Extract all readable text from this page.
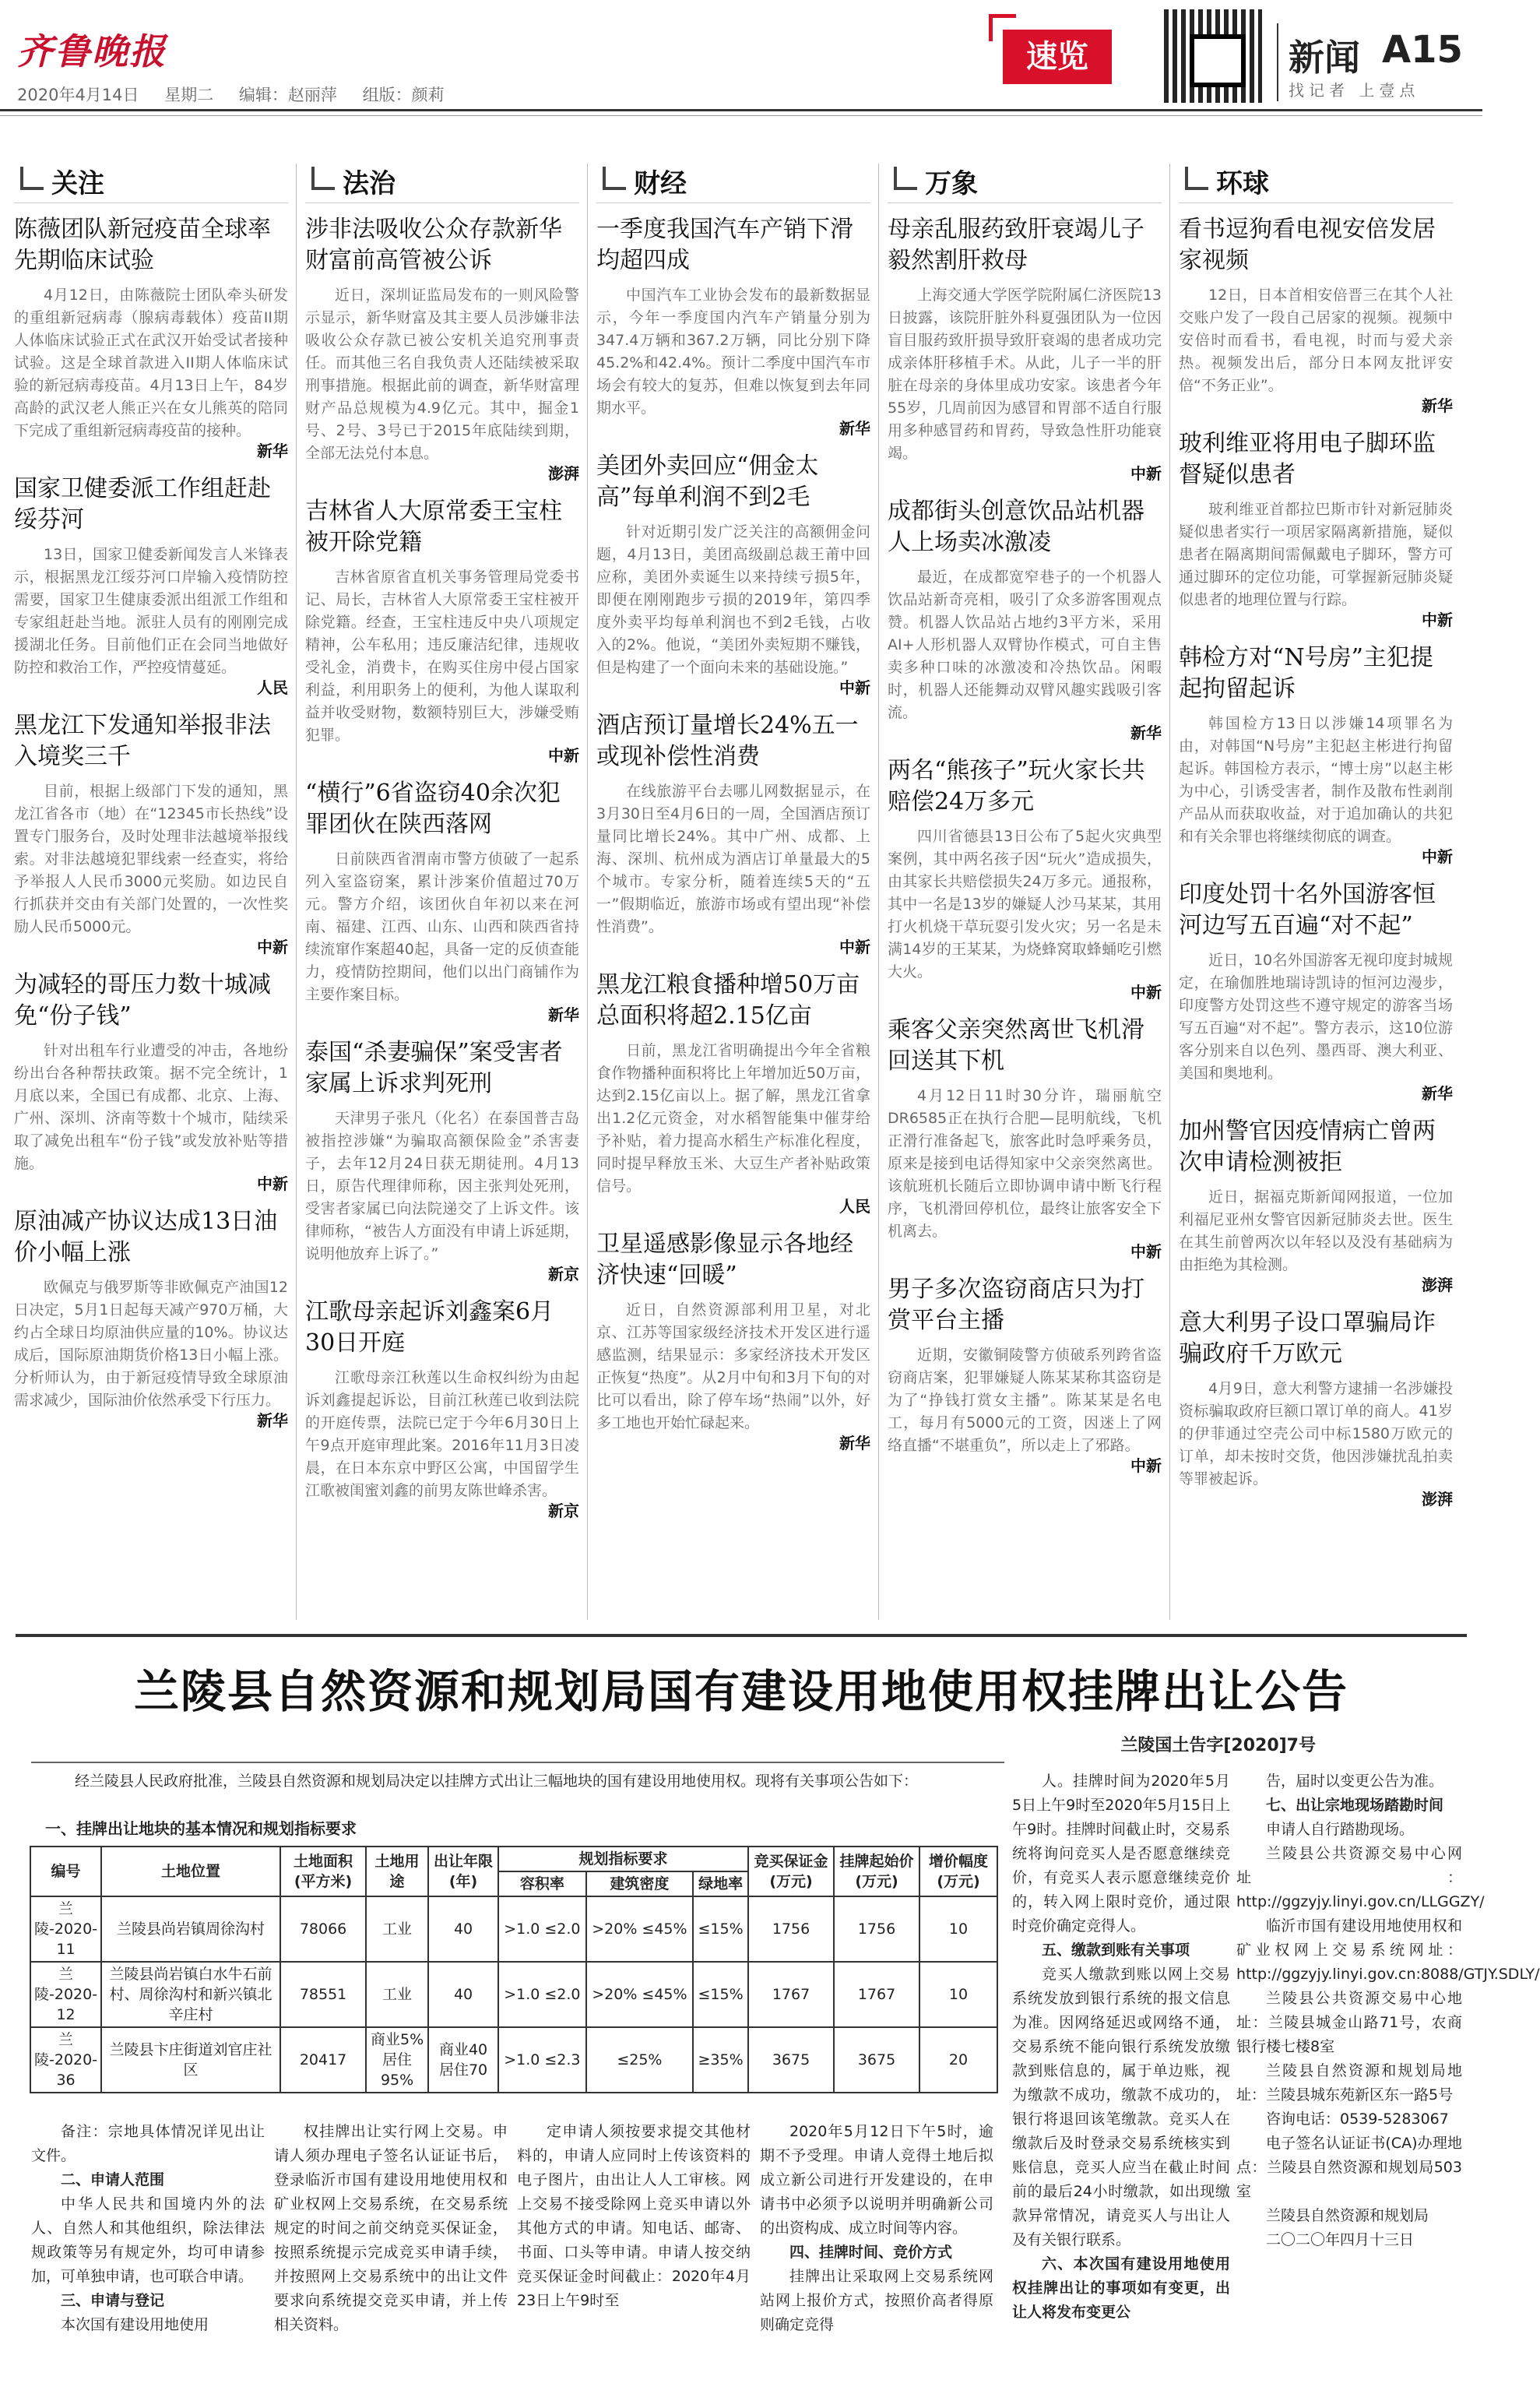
齐鲁晚报
2020年4月14日 星期二 编辑：赵丽萍 组版：颜莉
速览	新闻 A15
找记者 上壹点
关注
陈薇团队新冠疫苗全球率先期临床试验

4月12日，由陈薇院士团队牵头研发的重组新冠病毒（腺病毒载体）疫苗II期人体临床试验正式在武汉开始受试者接种试验。这是全球首款进入II期人体临床试验的新冠病毒疫苗。4月13日上午，84岁高龄的武汉老人熊正兴在女儿熊英的陪同下完成了重组新冠病毒疫苗的接种。

新华
国家卫健委派工作组赶赴绥芬河

13日，国家卫健委新闻发言人米锋表示，根据黑龙江绥芬河口岸输入疫情防控需要，国家卫生健康委派出组派工作组和专家组赶赴当地。派驻人员有的刚刚完成援湖北任务。目前他们正在会同当地做好防控和救治工作，严控疫情蔓延。

人民
黑龙江下发通知举报非法入境奖三千

目前，根据上级部门下发的通知，黑龙江省各市（地）在“12345市长热线”设置专门服务台，及时处理非法越境举报线索。对非法越境犯罪线索一经查实，将给予举报人人民币3000元奖励。如边民自行抓获并交由有关部门处置的，一次性奖励人民币5000元。

中新
为减轻的哥压力数十城减免“份子钱”

针对出租车行业遭受的冲击，各地纷纷出台各种帮扶政策。据不完全统计，1月底以来，全国已有成都、北京、上海、广州、深圳、济南等数十个城市，陆续采取了减免出租车“份子钱”或发放补贴等措施。

中新
原油减产协议达成13日油价小幅上涨

欧佩克与俄罗斯等非欧佩克产油国12日决定，5月1日起每天减产970万桶，大约占全球日均原油供应量的10%。协议达成后，国际原油期货价格13日小幅上涨。分析师认为，由于新冠疫情导致全球原油需求减少，国际油价依然承受下行压力。

新华
法治
涉非法吸收公众存款新华财富前高管被公诉

近日，深圳证监局发布的一则风险警示显示，新华财富及其主要人员涉嫌非法吸收公众存款已被公安机关追究刑事责任。而其他三名自我负责人还陆续被采取刑事措施。根据此前的调查，新华财富理财产品总规模为4.9亿元。其中，掘金1号、2号、3号已于2015年底陆续到期，全部无法兑付本息。

澎湃
吉林省人大原常委王宝柱被开除党籍

吉林省原省直机关事务管理局党委书记、局长，吉林省人大原常委王宝柱被开除党籍。经查，王宝柱违反中央八项规定精神，公车私用；违反廉洁纪律，违规收受礼金，消费卡，在购买住房中侵占国家利益，利用职务上的便利，为他人谋取利益并收受财物，数额特别巨大，涉嫌受贿犯罪。

中新
“横行”6省盗窃40余次犯罪团伙在陕西落网

日前陕西省渭南市警方侦破了一起系列入室盗窃案，累计涉案价值超过70万元。警方介绍，该团伙自年初以来在河南、福建、江西、山东、山西和陕西省持续流窜作案超40起，具备一定的反侦查能力，疫情防控期间，他们以出门商铺作为主要作案目标。

新华
泰国“杀妻骗保”案受害者家属上诉求判死刑

天津男子张凡（化名）在泰国普吉岛被指控涉嫌“为骗取高额保险金”杀害妻子，去年12月24日获无期徒刑。4月13日，原告代理律师称，因主张判处死刑，受害者家属已向法院递交了上诉文件。该律师称，“被告人方面没有申请上诉延期，说明他放弃上诉了。”

新京
江歌母亲起诉刘鑫案6月30日开庭

江歌母亲江秋莲以生命权纠纷为由起诉刘鑫提起诉讼，目前江秋莲已收到法院的开庭传票，法院已定于今年6月30日上午9点开庭审理此案。2016年11月3日凌晨，在日本东京中野区公寓，中国留学生江歌被闺蜜刘鑫的前男友陈世峰杀害。

新京
财经
一季度我国汽车产销下滑均超四成

中国汽车工业协会发布的最新数据显示，今年一季度国内汽车产销量分别为347.4万辆和367.2万辆，同比分别下降45.2%和42.4%。预计二季度中国汽车市场会有较大的复苏，但难以恢复到去年同期水平。

新华
美团外卖回应“佣金太高”每单利润不到2毛

针对近期引发广泛关注的高额佣金问题，4月13日，美团高级副总裁王莆中回应称，美团外卖诞生以来持续亏损5年，即便在刚刚跑步亏损的2019年，第四季度外卖平均每单利润也不到2毛钱，占收入的2%。他说，“美团外卖短期不赚钱，但是构建了一个面向未来的基础设施。”

中新
酒店预订量增长24%五一或现补偿性消费

在线旅游平台去哪儿网数据显示，在3月30日至4月6日的一周，全国酒店预订量同比增长24%。其中广州、成都、上海、深圳、杭州成为酒店订单量最大的5个城市。专家分析，随着连续5天的“五一”假期临近，旅游市场或有望出现“补偿性消费”。

中新
黑龙江粮食播种增50万亩总面积将超2.15亿亩

日前，黑龙江省明确提出今年全省粮食作物播种面积将比上年增加近50万亩，达到2.15亿亩以上。据了解，黑龙江省拿出1.2亿元资金，对水稻智能集中催芽给予补贴，着力提高水稻生产标准化程度，同时提早释放玉米、大豆生产者补贴政策信号。

人民
卫星遥感影像显示各地经济快速“回暖”

近日，自然资源部利用卫星，对北京、江苏等国家级经济技术开发区进行遥感监测，结果显示：多家经济技术开发区正恢复“热度”。从2月中旬和3月下旬的对比可以看出，除了停车场“热闹”以外，好多工地也开始忙碌起来。

新华
万象
母亲乱服药致肝衰竭儿子毅然割肝救母

上海交通大学医学院附属仁济医院13日披露，该院肝脏外科夏强团队为一位因盲目服药致肝损导致肝衰竭的患者成功完成亲体肝移植手术。从此，儿子一半的肝脏在母亲的身体里成功安家。该患者今年55岁，几周前因为感冒和胃部不适自行服用多种感冒药和胃药，导致急性肝功能衰竭。

中新
成都街头创意饮品站机器人上场卖冰激凌

最近，在成都宽窄巷子的一个机器人饮品站新奇亮相，吸引了众多游客围观点赞。机器人饮品站占地约3平方米，采用AI+人形机器人双臂协作模式，可自主售卖多种口味的冰激凌和冷热饮品。闲暇时，机器人还能舞动双臂风趣实践吸引客流。

新华
两名“熊孩子”玩火家长共赔偿24万多元

四川省德县13日公布了5起火灾典型案例，其中两名孩子因“玩火”造成损失，由其家长共赔偿损失24万多元。通报称，其中一名是13岁的嫌疑人沙马某某，其用打火机烧干草玩耍引发火灾；另一名是未满14岁的王某某，为烧蜂窝取蜂蛹吃引燃大火。

中新
乘客父亲突然离世飞机滑回送其下机

4月12日11时30分许，瑞丽航空DR6585正在执行合肥—昆明航线，飞机正滑行准备起飞，旅客此时急呼乘务员，原来是接到电话得知家中父亲突然离世。该航班机长随后立即协调申请中断飞行程序，飞机滑回停机位，最终让旅客安全下机离去。

中新
男子多次盗窃商店只为打赏平台主播

近期，安徽铜陵警方侦破系列跨省盗窃商店案，犯罪嫌疑人陈某某称其盗窃是为了“挣钱打赏女主播”。陈某某是名电工，每月有5000元的工资，因迷上了网络直播“不堪重负”，所以走上了邪路。

中新
环球
看书逗狗看电视安倍发居家视频

12日，日本首相安倍晋三在其个人社交账户发了一段自己居家的视频。视频中安倍时而看书，看电视，时而与爱犬亲热。视频发出后，部分日本网友批评安倍“不务正业”。

新华
玻利维亚将用电子脚环监督疑似患者

玻利维亚首都拉巴斯市针对新冠肺炎疑似患者实行一项居家隔离新措施，疑似患者在隔离期间需佩戴电子脚环，警方可通过脚环的定位功能，可掌握新冠肺炎疑似患者的地理位置与行踪。

中新
韩检方对“N号房”主犯提起拘留起诉

韩国检方13日以涉嫌14项罪名为由，对韩国“N号房”主犯赵主彬进行拘留起诉。韩国检方表示，“博士房”以赵主彬为中心，引诱受害者，制作及散布性剥削产品从而获取收益，对于追加确认的共犯和有关余罪也将继续彻底的调查。

中新
印度处罚十名外国游客恒河边写五百遍“对不起”

近日，10名外国游客无视印度封城规定，在瑜伽胜地瑞诗凯诗的恒河边漫步，印度警方处罚这些不遵守规定的游客当场写五百遍“对不起”。警方表示，这10位游客分别来自以色列、墨西哥、澳大利亚、美国和奥地利。

新华
加州警官因疫情病亡曾两次申请检测被拒

近日，据福克斯新闻网报道，一位加利福尼亚州女警官因新冠肺炎去世。医生在其生前曾两次以年轻以及没有基础病为由拒绝为其检测。

澎湃
意大利男子设口罩骗局诈骗政府千万欧元

4月9日，意大利警方逮捕一名涉嫌投资标骗取政府巨额口罩订单的商人。41岁的伊菲通过空壳公司中标1580万欧元的订单，却未按时交货，他因涉嫌扰乱拍卖等罪被起诉。

澎湃
兰陵县自然资源和规划局国有建设用地使用权挂牌出让公告
兰陵国土告字[2020]7号

经兰陵县人民政府批准，兰陵县自然资源和规划局决定以挂牌方式出让三幅地块的国有建设用地使用权。现将有关事项公告如下：

一、挂牌出让地块的基本情况和规划指标要求
编号	土地位置	土地面积(平方米)	土地用途	出让年限(年)	规划指标要求			竞买保证金(万元)	挂牌起始价(万元)	增价幅度(万元)
					容积率	建筑密度	绿地率			
兰陵-2020-11	兰陵县尚岩镇周徐沟村	78066	工业	40	>1.0 ≤2.0	>20% ≤45%	≤15%	1756	1756	10
兰陵-2020-12	兰陵县尚岩镇白水牛石前村、周徐沟村和新兴镇北辛庄村	78551	工业	40	>1.0 ≤2.0	>20% ≤45%	≤15%	1767	1767	10
兰陵-2020-36	兰陵县卞庄街道刘官庄社区	20417	商业5% 居住95%	商业40 居住70	>1.0 ≤2.3	≤25%	≥35%	3675	3675	20

备注：宗地具体情况详见出让文件。

二、申请人范围

中华人民共和国境内外的法人、自然人和其他组织，除法律法规政策等另有规定外，均可申请参加，可单独申请，也可联合申请。

三、申请与登记

本次国有建设用地使用

权挂牌出让实行网上交易。申请人须办理电子签名认证证书后，登录临沂市国有建设用地使用权和矿业权网上交易系统，在交易系统规定的时间之前交纳竞买保证金，按照系统提示完成竞买申请手续，并按照网上交易系统中的出让文件要求向系统提交竞买申请，并上传相关资料。

定申请人须按要求提交其他材料的，申请人应同时上传该资料的电子图片，由出让人人工审核。网上交易不接受除网上竞买申请以外其他方式的申请。知电话、邮寄、书面、口头等申请。申请人按交纳竞买保证金时间截止：2020年4月23日上午9时至

2020年5月12日下午5时，逾期不予受理。申请人竞得土地后拟成立新公司进行开发建设的，在申请书中必须予以说明并明确新公司的出资构成、成立时间等内容。

四、挂牌时间、竞价方式

挂牌出让采取网上交易系统网站网上报价方式，按照价高者得原则确定竞得

人。挂牌时间为2020年5月5日上午9时至2020年5月15日上午9时。挂牌时间截止时，交易系统将询问竞买人是否愿意继续竞价，有竞买人表示愿意继续竞价的，转入网上限时竞价，通过限时竞价确定竞得人。

五、缴款到账有关事项

竞买人缴款到账以网上交易系统发放到银行系统的报文信息为准。因网络延迟或网络不通，交易系统不能向银行系统发放缴款到账信息的，属于单边账，视为缴款不成功，缴款不成功的，银行将退回该笔缴款。竞买人在缴款后及时登录交易系统核实到账信息，竞买人应当在截止时间前的最后24小时缴款，如出现缴款异常情况，请竞买人与出让人及有关银行联系。

六、本次国有建设用地使用权挂牌出让的事项如有变更，出让人将发布变更公

告，届时以变更公告为准。

七、出让宗地现场踏勘时间

申请人自行踏勘现场。

兰陵县公共资源交易中心网址：http://ggzyjy.linyi.gov.cn/LLGGZY/

临沂市国有建设用地使用权和矿业权网上交易系统网址：http://ggzyjy.linyi.gov.cn:8088/GTJY.SDLY/

兰陵县公共资源交易中心地址：兰陵县城金山路71号，农商银行楼七楼8室

兰陵县自然资源和规划局地址：兰陵县城东苑新区东一路5号

咨询电话：0539-5283067

电子签名认证证书(CA)办理地点：兰陵县自然资源和规划局503室

兰陵县自然资源和规划局

二〇二〇年四月十三日
